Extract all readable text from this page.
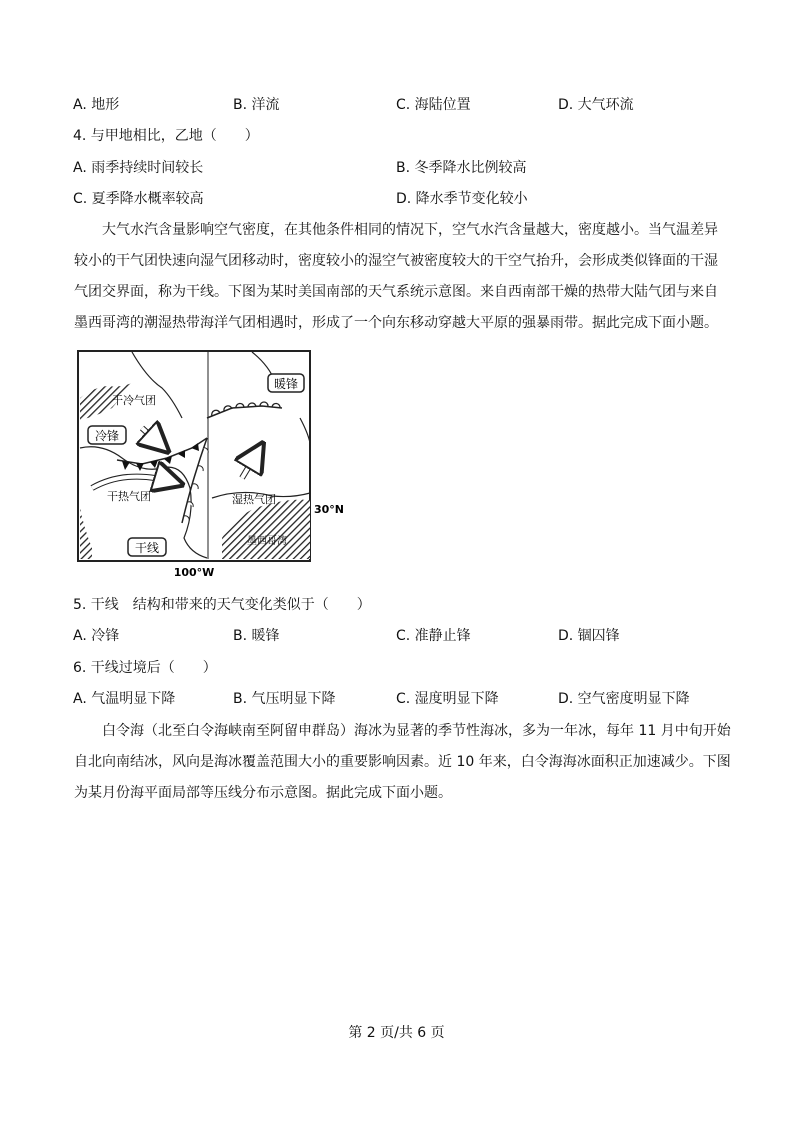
A. 地形	B. 洋流	C. 海陆位置	D. 大气环流
4. 与甲地相比，乙地（　　）
A. 雨季持续时间较长	B. 冬季降水比例较高
C. 夏季降水概率较高	D. 降水季节变化较小
大气水汽含量影响空气密度，在其他条件相同的情况下，空气水汽含量越大，密度越小。当气温差异
较小的干气团快速向湿气团移动时，密度较小的湿空气被密度较大的干空气抬升，会形成类似锋面的干湿
气团交界面，称为干线。下图为某时美国南部的天气系统示意图。来自西南部干燥的热带大陆气团与来自
墨西哥湾的潮湿热带海洋气团相遇时，形成了一个向东移动穿越大平原的强暴雨带。据此完成下面小题。
暖锋
冷锋
干线
干冷气团
干热气团	湿热气团
墨西哥湾
30°N
100°W
5. 干线　结构和带来的天气变化类似于（　　）
A. 冷锋	B. 暖锋	C. 准静止锋	D. 锢囚锋
6. 干线过境后（　　）
A. 气温明显下降	B. 气压明显下降	C. 湿度明显下降	D. 空气密度明显下降
白令海（北至白令海峡南至阿留申群岛）海冰为显著的季节性海冰，多为一年冰，每年 11 月中旬开始
自北向南结冰，风向是海冰覆盖范围大小的重要影响因素。近 10 年来，白令海海冰面积正加速减少。下图
为某月份海平面局部等压线分布示意图。据此完成下面小题。
第 2 页/共 6 页
